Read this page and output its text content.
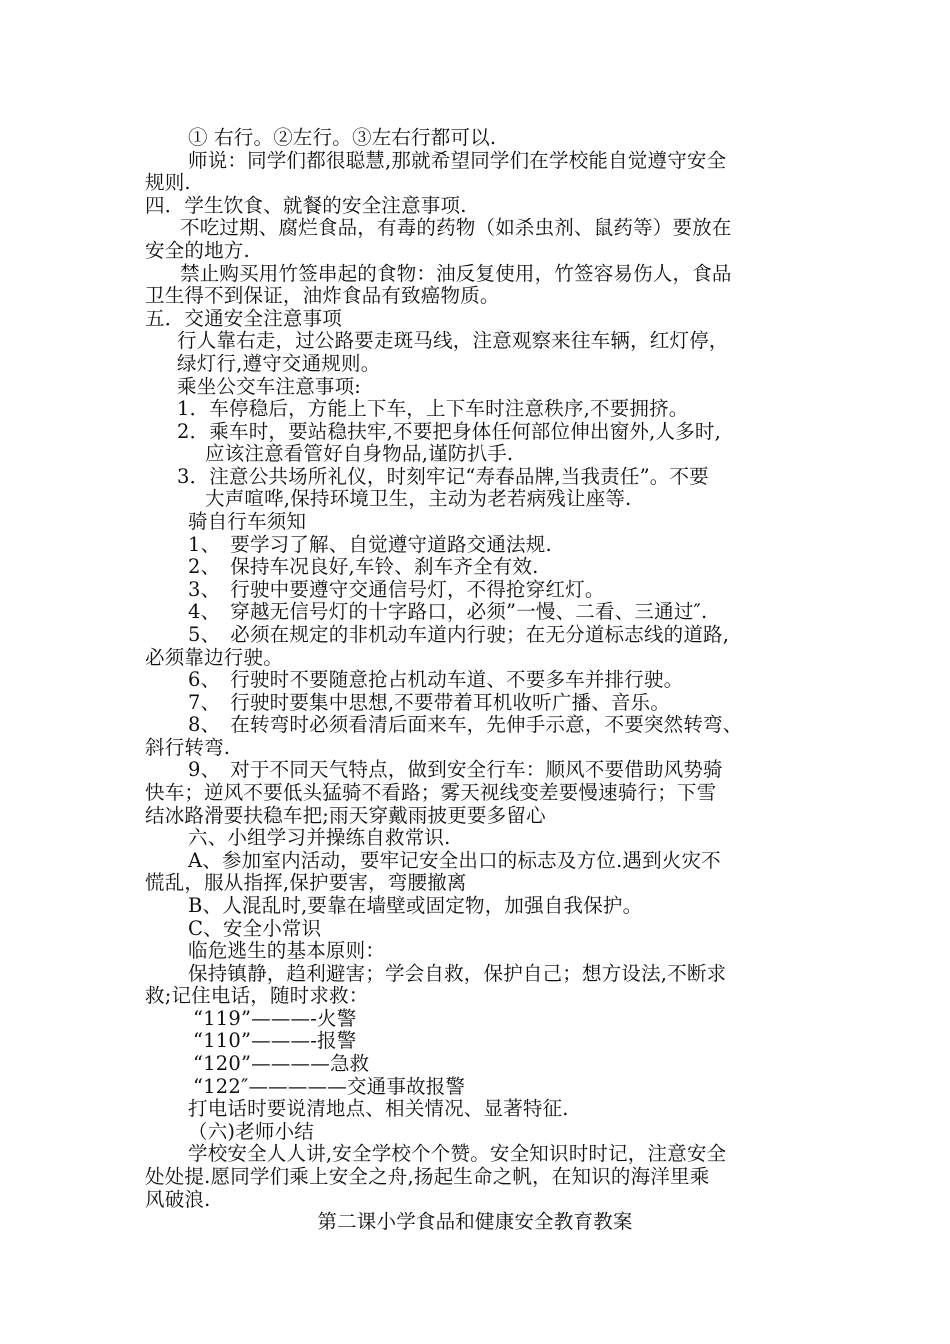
① 右行。②左行。③左右行都可以.
师说：同学们都很聪慧,那就希望同学们在学校能自觉遵守安全
规则.
四．学生饮食、就餐的安全注意事项.
不吃过期、腐烂食品，有毒的药物（如杀虫剂、鼠药等）要放在
安全的地方.
禁止购买用竹签串起的食物：油反复使用，竹签容易伤人，食品
卫生得不到保证，油炸食品有致癌物质。
五．交通安全注意事项
行人靠右走，过公路要走斑马线，注意观察来往车辆，红灯停，
绿灯行,遵守交通规则。
乘坐公交车注意事项:
1．车停稳后，方能上下车，上下车时注意秩序,不要拥挤。
2．乘车时，要站稳扶牢,不要把身体任何部位伸出窗外,人多时,
应该注意看管好自身物品,谨防扒手.
3．注意公共场所礼仪，时刻牢记“寿春品牌,当我责任”。不要
大声喧哗,保持环境卫生，主动为老若病残让座等.
骑自行车须知
1、　要学习了解、自觉遵守道路交通法规.
2、　保持车况良好,车铃、刹车齐全有效.
3、　行驶中要遵守交通信号灯，不得抢穿红灯。
4、　穿越无信号灯的十字路口，必须”一慢、二看、三通过″.
5、　必须在规定的非机动车道内行驶；在无分道标志线的道路,
必须靠边行驶。
6、　行驶时不要随意抢占机动车道、不要多车并排行驶。
7、　行驶时要集中思想,不要带着耳机收听广播、音乐。
8、　在转弯时必须看清后面来车，先伸手示意，不要突然转弯、
斜行转弯.
9、　对于不同天气特点，做到安全行车：顺风不要借助风势骑
快车；逆风不要低头猛骑不看路；雾天视线变差要慢速骑行；下雪
结冰路滑要扶稳车把;雨天穿戴雨披更要多留心
六、小组学习并操练自救常识.
A、参加室内活动，要牢记安全出口的标志及方位.遇到火灾不
慌乱，服从指挥,保护要害，弯腰撤离
B、人混乱时,要靠在墙壁或固定物，加强自我保护。
C、安全小常识
临危逃生的基本原则：
保持镇静，趋利避害；学会自救，保护自己；想方设法,不断求
救;记住电话，随时求救：
“119”———-火警
“110”———-报警
“120”————急救
“122″—————交通事故报警
打电话时要说清地点、相关情况、显著特征.
（六)老师小结
学校安全人人讲,安全学校个个赞。安全知识时时记，注意安全
处处提.愿同学们乘上安全之舟,扬起生命之帆，在知识的海洋里乘
风破浪.
第二课小学食品和健康安全教育教案
